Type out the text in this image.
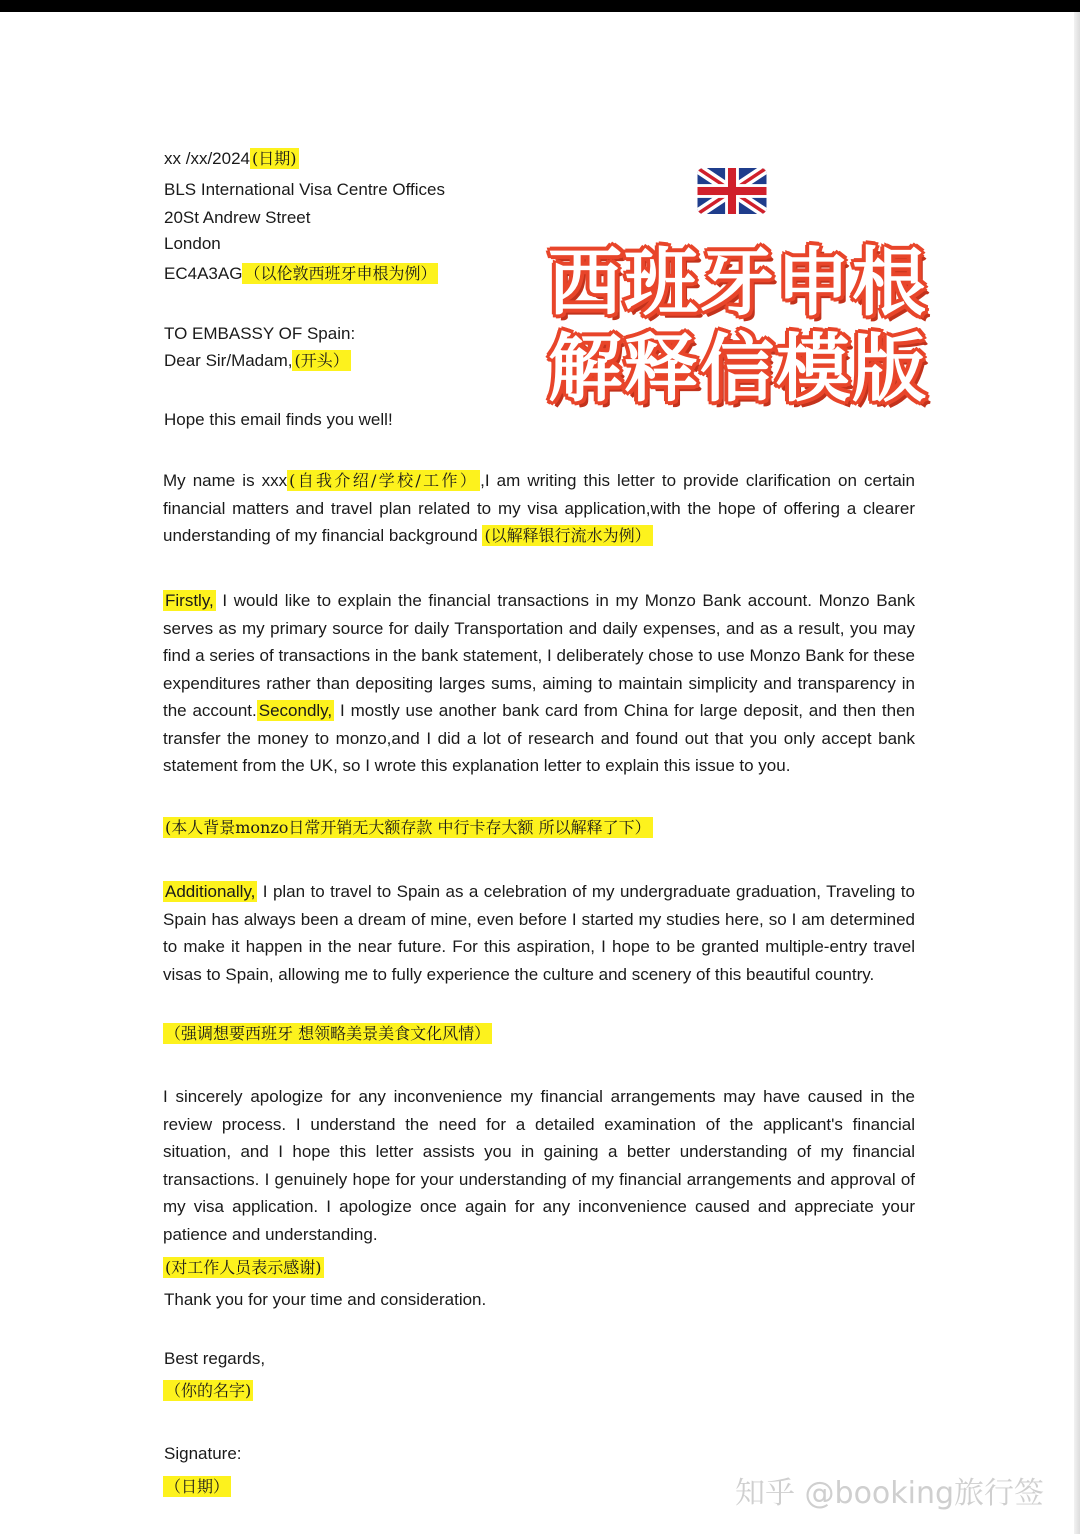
xx /xx/2024 (日期)
BLS International Visa Centre Offices
20St Andrew Street
London
EC4A3AG （以伦敦西班牙申根为例）
TO EMBASSY OF Spain:
Dear Sir/Madam, (开头）
西班牙申根
解释信模版
Hope this email finds you well!
My name is xxx (自我介绍/学校/工作） ,I am writing this letter to provide clarification on certain financial matters and travel plan related to my visa application,with the hope of offering a clearer understanding of my financial background (以解释银行流水为例）
Firstly, I would like to explain the financial transactions in my Monzo Bank account. Monzo Bank serves as my primary source for daily Transportation and daily expenses, and as a result, you may find a series of transactions in the bank statement, I deliberately chose to use Monzo Bank for these expenditures rather than depositing larges sums, aiming to maintain simplicity and transparency in the account. Secondly, I mostly use another bank card from China for large deposit, and then then transfer the money to monzo,and I did a lot of research and found out that you only accept bank statement from the UK, so I wrote this explanation letter to explain this issue to you.
(本人背景monzo日常开销无大额存款 中行卡存大额 所以解释了下）
Additionally, I plan to travel to Spain as a celebration of my undergraduate graduation, Traveling to Spain has always been a dream of mine, even before I started my studies here, so I am determined to make it happen in the near future. For this aspiration, I hope to be granted multiple-entry travel visas to Spain, allowing me to fully experience the culture and scenery of this beautiful country.
（强调想要西班牙 想领略美景美食文化风情）
I sincerely apologize for any inconvenience my financial arrangements may have caused in the review process. I understand the need for a detailed examination of the applicant's financial situation, and I hope this letter assists you in gaining a better understanding of my financial transactions. I genuinely hope for your understanding of my financial arrangements and approval of my visa application. I apologize once again for any inconvenience caused and appreciate your patience and understanding.
(对工作人员表示感谢)
Thank you for your time and consideration.
Best regards,
（你的名字)
Signature:
（日期）	知乎 @booking旅行签
